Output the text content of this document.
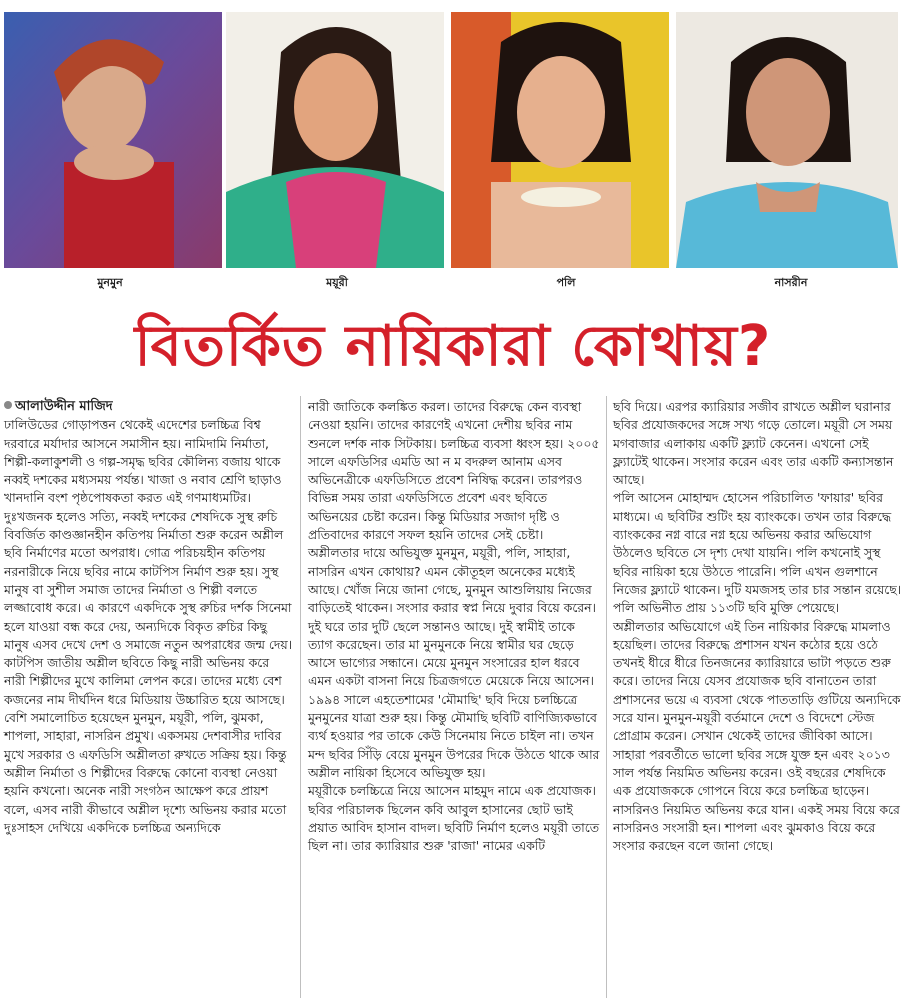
মুনমুন	ময়ূরী	পলি	নাসরীন
বিতর্কিত নায়িকারা কোথায়?

আলাউদ্দীন মাজিদ

ঢালিউডের গোড়াপত্তন থেকেই এদেশের চলচ্চিত্র বিশ্ব দরবারে মর্যাদার আসনে সমাসীন হয়। নামিদামি নির্মাতা, শিল্পী-কলাকুশলী ও গল্প-সমৃদ্ধ ছবির কৌলিন্য বজায় থাকে নব্বই দশকের মধ্যসময় পর্যন্ত। খাজা ও নবাব শ্রেণি ছাড়াও খানদানি বংশ পৃষ্ঠপোষকতা করত এই গণমাধ্যমটির। দুঃখজনক হলেও সত্যি, নব্বই দশকের শেষদিকে সুস্থ রুচি বিবর্জিত কাণ্ডজ্ঞানহীন কতিপয় নির্মাতা শুরু করেন অশ্লীল ছবি নির্মাণের মতো অপরাধ। গোত্র পরিচয়হীন কতিপয় নরনারীকে নিয়ে ছবির নামে কাটপিস নির্মাণ শুরু হয়। সুস্থ মানুষ বা সুশীল সমাজ তাদের নির্মাতা ও শিল্পী বলতে লজ্জাবোধ করে। এ কারণে একদিকে সুস্থ রুচির দর্শক সিনেমা হলে যাওয়া বন্ধ করে দেয়, অন্যদিকে বিকৃত রুচির কিছু মানুষ এসব দেখে দেশ ও সমাজে নতুন অপরাধের জন্ম দেয়।

কাটপিস জাতীয় অশ্লীল ছবিতে কিছু নারী অভিনয় করে নারী শিল্পীদের মুখে কালিমা লেপন করে। তাদের মধ্যে বেশ কজনের নাম দীর্ঘদিন ধরে মিডিয়ায় উচ্চারিত হয়ে আসছে। বেশি সমালোচিত হয়েছেন মুনমুন, ময়ূরী, পলি, ঝুমকা, শাপলা, সাহারা, নাসরিন প্রমুখ। একসময় দেশবাসীর দাবির মুখে সরকার ও এফডিসি অশ্লীলতা রুখতে সক্রিয় হয়। কিন্তু অশ্লীল নির্মাতা ও শিল্পীদের বিরুদ্ধে কোনো ব্যবস্থা নেওয়া হয়নি কখনো। অনেক নারী সংগঠন আক্ষেপ করে প্রায়শ বলে, এসব নারী কীভাবে অশ্লীল দৃশ্যে অভিনয় করার মতো দুঃসাহস দেখিয়ে একদিকে চলচ্চিত্র অন্যদিকে

নারী জাতিকে কলঙ্কিত করল। তাদের বিরুদ্ধে কেন ব্যবস্থা নেওয়া হয়নি। তাদের কারণেই এখনো দেশীয় ছবির নাম শুনলে দর্শক নাক সিটকায়। চলচ্চিত্র ব্যবসা ধ্বংস হয়। ২০০৫ সালে এফডিসির এমডি আ ন ম বদরুল আনাম এসব অভিনেত্রীকে এফডিসিতে প্রবেশ নিষিদ্ধ করেন। তারপরও বিভিন্ন সময় তারা এফডিসিতে প্রবেশ এবং ছবিতে অভিনয়ের চেষ্টা করেন। কিন্তু মিডিয়ার সজাগ দৃষ্টি ও প্রতিবাদের কারণে সফল হয়নি তাদের সেই চেষ্টা।

অশ্লীলতার দায়ে অভিযুক্ত মুনমুন, ময়ূরী, পলি, সাহারা, নাসরিন এখন কোথায়? এমন কৌতূহল অনেকের মধ্যেই আছে। খোঁজ নিয়ে জানা গেছে, মুনমুন আশুলিয়ায় নিজের বাড়িতেই থাকেন। সংসার করার স্বপ্ন নিয়ে দুবার বিয়ে করেন। দুই ঘরে তার দুটি ছেলে সন্তানও আছে। দুই স্বামীই তাকে ত্যাগ করেছেন। তার মা মুনমুনকে নিয়ে স্বামীর ঘর ছেড়ে আসে ভাগ্যের সন্ধানে। মেয়ে মুনমুন সংসারের হাল ধরবে এমন একটা বাসনা নিয়ে চিত্রজগতে মেয়েকে নিয়ে আসেন। ১৯৯৪ সালে এহতেশামের 'মৌমাছি' ছবি দিয়ে চলচ্চিত্রে মুনমুনের যাত্রা শুরু হয়। কিন্তু মৌমাছি ছবিটি বাণিজ্যিকভাবে ব্যর্থ হওয়ার পর তাকে কেউ সিনেমায় নিতে চাইল না। তখন মন্দ ছবির সিঁড়ি বেয়ে মুনমুন উপরের দিকে উঠতে থাকে আর অশ্লীল নায়িকা হিসেবে অভিযুক্ত হয়।

ময়ূরীকে চলচ্চিত্রে নিয়ে আসেন মাহমুদ নামে এক প্রযোজক। ছবির পরিচালক ছিলেন কবি আবুল হাসানের ছোট ভাই প্রয়াত আবিদ হাসান বাদল। ছবিটি নির্মাণ হলেও ময়ূরী তাতে ছিল না। তার ক্যারিয়ার শুরু 'রাজা' নামের একটি

ছবি দিয়ে। এরপর ক্যারিয়ার সজীব রাখতে অশ্লীল ঘরানার ছবির প্রযোজকদের সঙ্গে সখ্য গড়ে তোলে। ময়ূরী সে সময় মগবাজার এলাকায় একটি ফ্ল্যাট কেনেন। এখনো সেই ফ্ল্যাটেই থাকেন। সংসার করেন এবং তার একটি কন্যাসন্তান আছে।

পলি আসেন মোহাম্মদ হোসেন পরিচালিত 'ফায়ার' ছবির মাধ্যমে। এ ছবিটির শুটিং হয় ব্যাংককে। তখন তার বিরুদ্ধে ব্যাংককের নগ্ন বারে নগ্ন হয়ে অভিনয় করার অভিযোগ উঠলেও ছবিতে সে দৃশ্য দেখা যায়নি। পলি কখনোই সুস্থ ছবির নায়িকা হয়ে উঠতে পারেনি। পলি এখন গুলশানে নিজের ফ্ল্যাটে থাকেন। দুটি যমজসহ তার চার সন্তান রয়েছে। পলি অভিনীত প্রায় ১১৩টি ছবি মুক্তি পেয়েছে।

অশ্লীলতার অভিযোগে এই তিন নায়িকার বিরুদ্ধে মামলাও হয়েছিল। তাদের বিরুদ্ধে প্রশাসন যখন কঠোর হয়ে ওঠে তখনই ধীরে ধীরে তিনজনের ক্যারিয়ারে ভাটা পড়তে শুরু করে। তাদের নিয়ে যেসব প্রযোজক ছবি বানাতেন তারা প্রশাসনের ভয়ে এ ব্যবসা থেকে পাততাড়ি গুটিয়ে অন্যদিকে সরে যান। মুনমুন-ময়ূরী বর্তমানে দেশে ও বিদেশে স্টেজ প্রোগ্রাম করেন। সেখান থেকেই তাদের জীবিকা আসে।

সাহারা পরবর্তীতে ভালো ছবির সঙ্গে যুক্ত হন এবং ২০১৩ সাল পর্যন্ত নিয়মিত অভিনয় করেন। ওই বছরের শেষদিকে এক প্রযোজককে গোপনে বিয়ে করে চলচ্চিত্র ছাড়েন। নাসরিনও নিয়মিত অভিনয় করে যান। একই সময় বিয়ে করে নাসরিনও সংসারী হন। শাপলা এবং ঝুমকাও বিয়ে করে সংসার করছেন বলে জানা গেছে।
